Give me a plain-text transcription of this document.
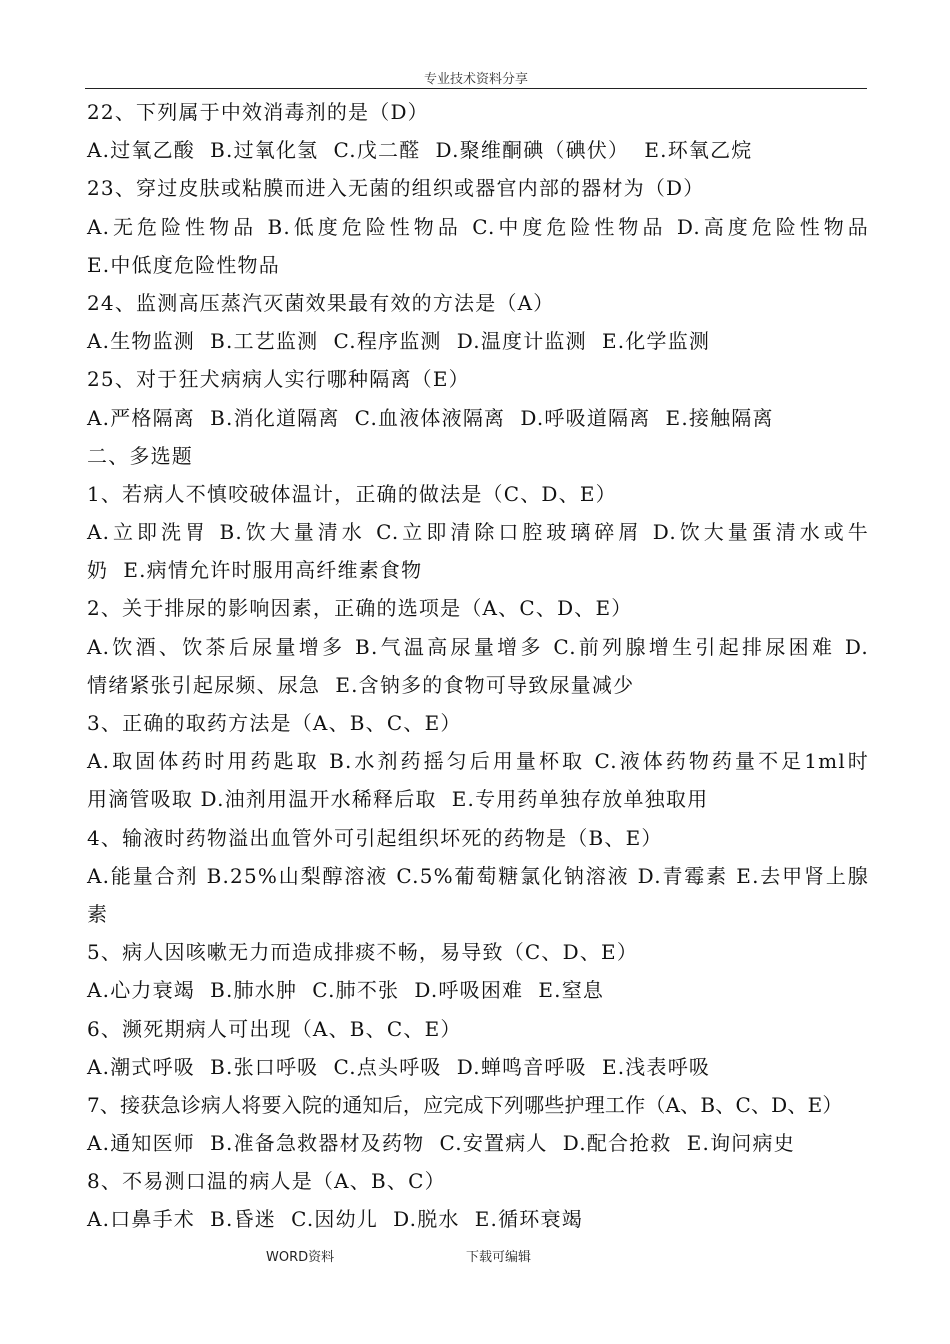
专业技术资料分享
22、下列属于中效消毒剂的是（D）
A.过氧乙酸  B.过氧化氢  C.戊二醛  D.聚维酮碘（碘伏）  E.环氧乙烷
23、穿过皮肤或粘膜而进入无菌的组织或器官内部的器材为（D）
A.无危险性物品 B.低度危险性物品 C.中度危险性物品 D.高度危险性物品
E.中低度危险性物品
24、监测高压蒸汽灭菌效果最有效的方法是（A）
A.生物监测  B.工艺监测  C.程序监测  D.温度计监测  E.化学监测
25、对于狂犬病病人实行哪种隔离（E）
A.严格隔离  B.消化道隔离  C.血液体液隔离  D.呼吸道隔离  E.接触隔离
二、多选题
1、若病人不慎咬破体温计，正确的做法是（C、D、E）
A.立即洗胃 B.饮大量清水 C.立即清除口腔玻璃碎屑 D.饮大量蛋清水或牛
奶  E.病情允许时服用高纤维素食物
2、关于排尿的影响因素，正确的选项是（A、C、D、E）
A.饮酒、饮茶后尿量增多 B.气温高尿量增多 C.前列腺增生引起排尿困难 D.
情绪紧张引起尿频、尿急  E.含钠多的食物可导致尿量减少
3、正确的取药方法是（A、B、C、E）
A.取固体药时用药匙取 B.水剂药摇匀后用量杯取 C.液体药物药量不足1ml时
用滴管吸取 D.油剂用温开水稀释后取  E.专用药单独存放单独取用
4、输液时药物溢出血管外可引起组织坏死的药物是（B、E）
A.能量合剂 B.25%山梨醇溶液 C.5%葡萄糖氯化钠溶液 D.青霉素 E.去甲肾上腺
素
5、病人因咳嗽无力而造成排痰不畅，易导致（C、D、E）
A.心力衰竭  B.肺水肿  C.肺不张  D.呼吸困难  E.窒息
6、濒死期病人可出现（A、B、C、E）
A.潮式呼吸  B.张口呼吸  C.点头呼吸  D.蝉鸣音呼吸  E.浅表呼吸
7、接获急诊病人将要入院的通知后，应完成下列哪些护理工作（A、B、C、D、E）
A.通知医师  B.准备急救器材及药物  C.安置病人  D.配合抢救  E.询问病史
8、不易测口温的病人是（A、B、C）
A.口鼻手术  B.昏迷  C.因幼儿  D.脱水  E.循环衰竭
WORD资料	下载可编辑
